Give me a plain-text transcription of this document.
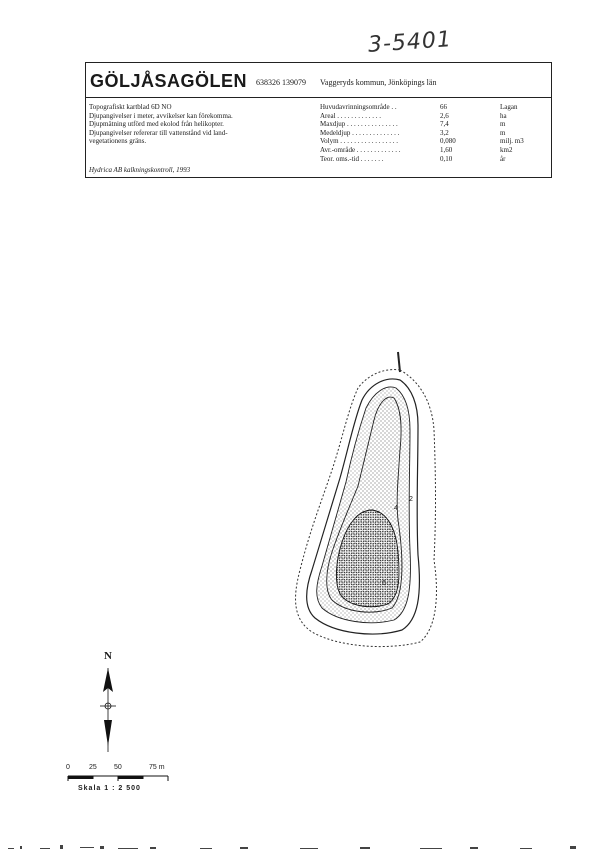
3-5401
GÖLJÅSAGÖLEN 638326 139079 Vaggeryds kommun, Jönköpings län
Topografiskt kartblad 6D NO
Djupangivelser i meter, avvikelser kan förekomma.
Djupmätning utförd med ekolod från helikopter.
Djupangivelser refererar till vattenstånd vid land-
vegetationens gräns.
Hydrica AB kalkningskontroll, 1993
Huvudavrinningsområde . .	66	Lagan
Areal . . . . . . . . . . . . .	2,6	ha
Maxdjup . . . . . . . . . . . . . . .	7,4	m
Medeldjup . . . . . . . . . . . . . .	3,2	m
Volym . . . . . . . . . . . . . . . . .	0,080	milj. m3
Avr.-område . . . . . . . . . . . . .	1,60	km2
Teor. oms.-tid . . . . . . .	0,10	år
N
2
4
6
0	25 50	75 m
Skala 1 : 2 500
